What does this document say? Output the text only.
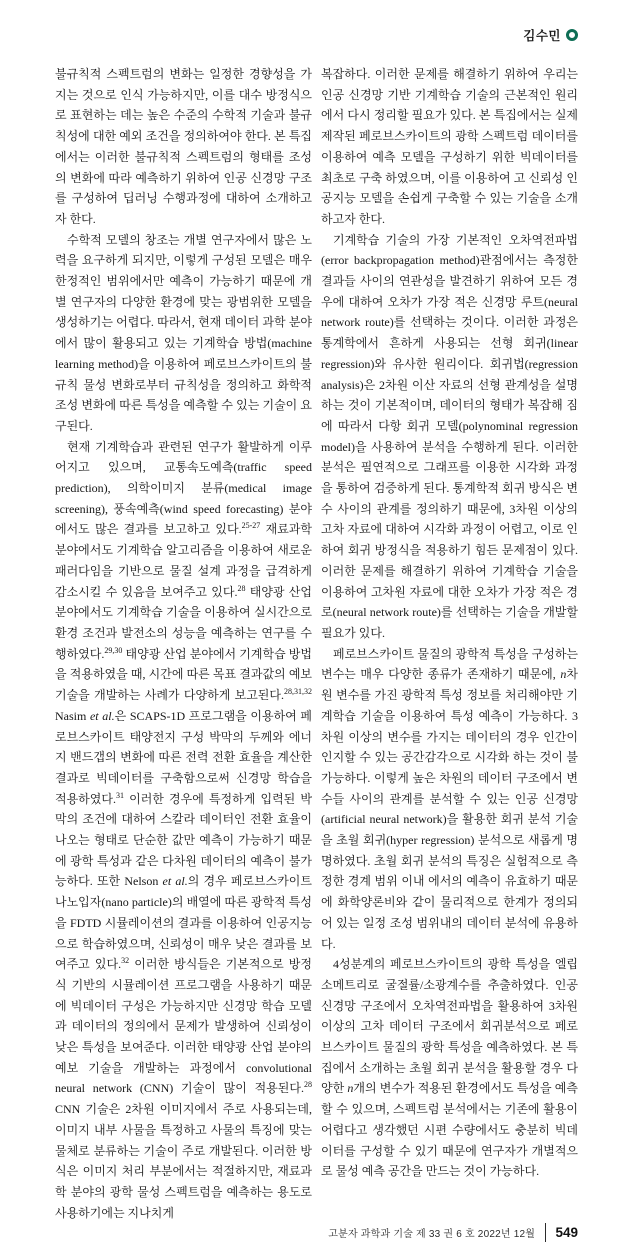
김수민

불규칙적 스펙트럼의 변화는 일정한 경향성을 가지는 것으로 인식 가능하지만, 이를 대수 방정식으로 표현하는 데는 높은 수준의 수학적 기술과 불규칙성에 대한 예외 조건을 정의하여야 한다. 본 특집에서는 이러한 불규칙적 스펙트럼의 형태를 조성의 변화에 따라 예측하기 위하여 인공 신경망 구조를 구성하여 딥러닝 수행과정에 대하여 소개하고자 한다.

수학적 모델의 창조는 개별 연구자에서 많은 노력을 요구하게 되지만, 이렇게 구성된 모델은 매우 한정적인 범위에서만 예측이 가능하기 때문에 개별 연구자의 다양한 환경에 맞는 광범위한 모델을 생성하기는 어렵다. 따라서, 현재 데이터 과학 분야에서 많이 활용되고 있는 기계학습 방법(machine learning method)을 이용하여 페로브스카이트의 불규칙 물성 변화로부터 규칙성을 정의하고 화학적 조성 변화에 따른 특성을 예측할 수 있는 기술이 요구된다.

현재 기계학습과 관련된 연구가 활발하게 이루어지고 있으며, 교통속도예측(traffic speed prediction), 의학이미지 분류(medical image screening), 풍속예측(wind speed forecasting) 분야에서도 많은 결과를 보고하고 있다.$^{25-27}$ 재료과학 분야에서도 기계학습 알고리즘을 이용하여 새로운 패러다임을 기반으로 물질 설계 과정을 급격하게 감소시킬 수 있음을 보여주고 있다.$^{28}$ 태양광 산업 분야에서도 기계학습 기술을 이용하여 실시간으로 환경 조건과 발전소의 성능을 예측하는 연구를 수행하였다.$^{29,30}$ 태양광 산업 분야에서 기계학습 방법을 적용하였을 때, 시간에 따른 목표 결과값의 예보 기술을 개발하는 사례가 다양하게 보고된다.$^{28,31,32}$ Nasim et al.은 SCAPS-1D 프로그램을 이용하여 페로브스카이트 태양전지 구성 박막의 두께와 에너지 밴드갭의 변화에 따른 전력 전환 효율을 계산한 결과로 빅데이터를 구축함으로써 신경망 학습을 적용하였다.$^{31}$ 이러한 경우에 특정하게 입력된 박막의 조건에 대하여 스칼라 데이터인 전환 효율이 나오는 형태로 단순한 값만 예측이 가능하기 때문에 광학 특성과 같은 다차원 데이터의 예측이 불가능하다. 또한 Nelson et al.의 경우 페로브스카이트 나노입자(nano particle)의 배열에 따른 광학적 특성을 FDTD 시뮬레이션의 결과를 이용하여 인공지능으로 학습하였으며, 신뢰성이 매우 낮은 결과를 보여주고 있다.$^{32}$ 이러한 방식들은 기본적으로 방정식 기반의 시뮬레이션 프로그램을 사용하기 때문에 빅데이터 구성은 가능하지만 신경망 학습 모델과 데이터의 정의에서 문제가 발생하여 신뢰성이 낮은 특성을 보여준다. 이러한 태양광 산업 분야의 예보 기술을 개발하는 과정에서 convolutional neural network (CNN) 기술이 많이 적용된다.$^{28}$ CNN 기술은 2차원 이미지에서 주로 사용되는데, 이미지 내부 사물을 특정하고 사물의 특징에 맞는 물체로 분류하는 기술이 주로 개발된다. 이러한 방식은 이미지 처리 부분에서는 적절하지만, 재료과학 분야의 광학 물성 스펙트럼을 예측하는 용도로 사용하기에는 지나치게

복잡하다. 이러한 문제를 해결하기 위하여 우리는 인공 신경망 기반 기계학습 기술의 근본적인 원리에서 다시 정리할 필요가 있다. 본 특집에서는 실제 제작된 페로브스카이트의 광학 스펙트럼 데이터를 이용하여 예측 모델을 구성하기 위한 빅데이터를 최초로 구축 하였으며, 이를 이용하여 고 신뢰성 인공지능 모델을 손쉽게 구축할 수 있는 기술을 소개하고자 한다.

기계학습 기술의 가장 기본적인 오차역전파법(error backpropagation method)관점에서는 측정한 결과들 사이의 연관성을 발견하기 위하여 모든 경우에 대하여 오차가 가장 적은 신경망 루트(neural network route)를 선택하는 것이다. 이러한 과정은 통계학에서 흔하게 사용되는 선형 회귀(linear regression)와 유사한 원리이다. 회귀법(regression analysis)은 2차원 이산 자료의 선형 관계성을 설명하는 것이 기본적이며, 데이터의 형태가 복잡해 짐에 따라서 다항 회귀 모델(polynominal regression model)을 사용하여 분석을 수행하게 된다. 이러한 분석은 필연적으로 그래프를 이용한 시각화 과정을 통하여 검증하게 된다. 통계학적 회귀 방식은 변수 사이의 관계를 정의하기 때문에, 3차원 이상의 고차 자료에 대하여 시각화 과정이 어렵고, 이로 인하여 회귀 방정식을 적용하기 힘든 문제점이 있다. 이러한 문제를 해결하기 위하여 기계학습 기술을 이용하여 고차원 자료에 대한 오차가 가장 적은 경로(neural network route)를 선택하는 기술을 개발할 필요가 있다.

페로브스카이트 물질의 광학적 특성을 구성하는 변수는 매우 다양한 종류가 존재하기 때문에, n차원 변수를 가진 광학적 특성 정보를 처리해야만 기계학습 기술을 이용하여 특성 예측이 가능하다. 3차원 이상의 변수를 가지는 데이터의 경우 인간이 인지할 수 있는 공간감각으로 시각화 하는 것이 불가능하다. 이렇게 높은 차원의 데이터 구조에서 변수들 사이의 관계를 분석할 수 있는 인공 신경망(artificial neural network)을 활용한 회귀 분석 기술을 초월 회귀(hyper regression) 분석으로 새롭게 명명하였다. 초월 회귀 분석의 특징은 실험적으로 측정한 경계 범위 이내 에서의 예측이 유효하기 때문에 화학양론비와 같이 물리적으로 한계가 정의되어 있는 일정 조성 범위내의 데이터 분석에 유용하다.

4성분계의 페로브스카이트의 광학 특성을 엘립소메트리로 굴절률/소광계수를 추출하였다. 인공 신경망 구조에서 오차역전파법을 활용하여 3차원 이상의 고차 데이터 구조에서 회귀분석으로 페로브스카이트 물질의 광학 특성을 예측하였다. 본 특집에서 소개하는 초월 회귀 분석을 활용할 경우 다양한 n개의 변수가 적용된 환경에서도 특성을 예측할 수 있으며, 스펙트럼 분석에서는 기존에 활용이 어렵다고 생각했던 시편 수량에서도 충분히 빅데이터를 구성할 수 있기 때문에 연구자가 개별적으로 물성 예측 공간을 만드는 것이 가능하다.

고분자 과학과 기술 제 33 권 6 호 2022년 12월 549
